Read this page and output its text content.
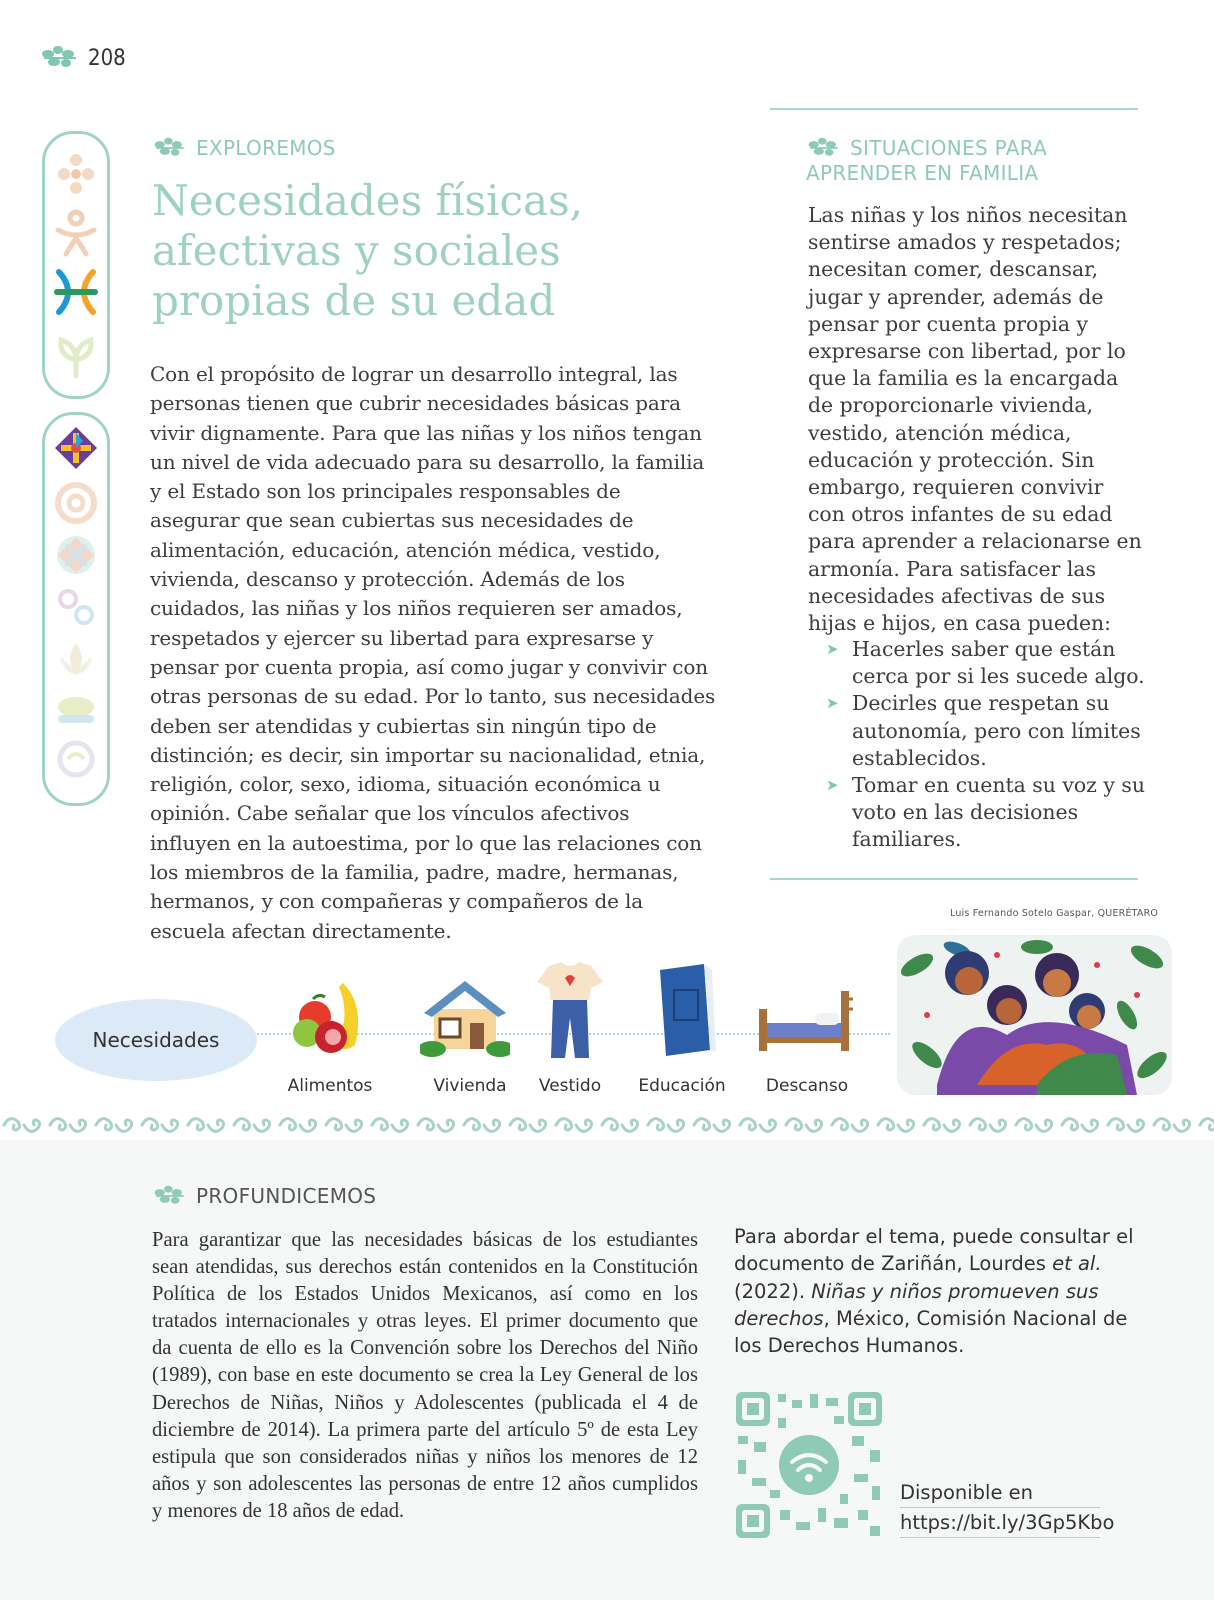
208
EXPLOREMOS
Necesidades físicas,
afectivas y sociales
propias de su edad

Con el propósito de lograr un desarrollo integral, las personas tienen que cubrir necesidades básicas para vivir dignamente. Para que las niñas y los niños tengan un nivel de vida adecuado para su desarrollo, la familia y el Estado son los principales responsables de asegurar que sean cubiertas sus necesidades de alimentación, educación, atención médica, vestido, vivienda, descanso y protección. Además de los cuidados, las niñas y los niños requieren ser amados, respetados y ejercer su libertad para expresarse y pensar por cuenta propia, así como jugar y convivir con otras personas de su edad. Por lo tanto, sus necesidades deben ser atendidas y cubiertas sin ningún tipo de distinción; es decir, sin importar su nacionalidad, etnia, religión, color, sexo, idioma, situación económica u opinión. Cabe señalar que los vínculos afectivos influyen en la autoestima, por lo que las relaciones con los miembros de la familia, padre, madre, hermanas, hermanos, y con compañeras y compañeros de la escuela afectan directamente.

SITUACIONES PARA
APRENDER EN FAMILIA

Las niñas y los niños necesitan sentirse amados y respetados; necesitan comer, descansar, jugar y aprender, además de pensar por cuenta propia y expresarse con libertad, por lo que la familia es la encargada de proporcionarle vivienda, vestido, atención médica, educación y protección. Sin embargo, requieren convivir con otros infantes de su edad para aprender a relacionarse en armonía. Para satisfacer las necesidades afectivas de sus hijas e hijos, en casa pueden:

➤ Hacerles saber que están cerca por si les sucede algo.
➤ Decirles que respetan su autonomía, pero con límites establecidos.
➤ Tomar en cuenta su voz y su voto en las decisiones familiares.
Luis Fernando Sotelo Gaspar, QUERÉTARO
Necesidades
Alimentos	Vivienda	Vestido	Educación	Descanso
PROFUNDICEMOS

Para garantizar que las necesidades básicas de los estudiantes sean atendidas, sus derechos están contenidos en la Constitución Política de los Estados Unidos Mexicanos, así como en los tratados internacionales y otras leyes. El primer documento que da cuenta de ello es la Convención sobre los Derechos del Niño (1989), con base en este documento se crea la Ley General de los Derechos de Niñas, Niños y Adolescentes (publicada el 4 de diciembre de 2014). La primera parte del artículo 5º de esta Ley estipula que son considerados niñas y niños los menores de 12 años y son adolescentes las personas de entre 12 años cumplidos y menores de 18 años de edad.

Para abordar el tema, puede consultar el documento de Zariñán, Lourdes et al. (2022). Niñas y niños promueven sus derechos, México, Comisión Nacional de los Derechos Humanos.

Disponible en
https://bit.ly/3Gp5Kbo
